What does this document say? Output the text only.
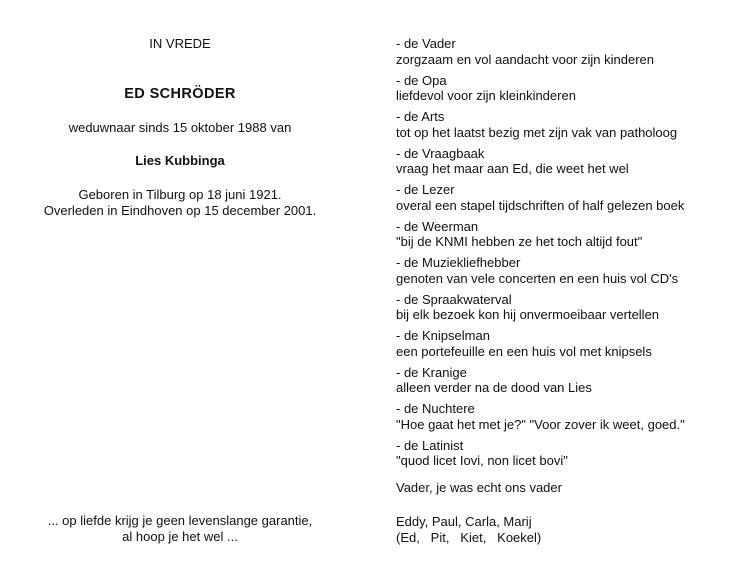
IN VREDE
ED SCHRÖDER
weduwnaar sinds 15 oktober 1988 van
Lies Kubbinga
Geboren in Tilburg op 18 juni 1921.
Overleden in Eindhoven op 15 december 2001.
... op liefde krijg je geen levenslange garantie,
al hoop je het wel ...
- de Vader
zorgzaam en vol aandacht voor zijn kinderen
- de Opa
liefdevol voor zijn kleinkinderen
- de Arts
tot op het laatst bezig met zijn vak van patholoog
- de Vraagbaak
vraag het maar aan Ed, die weet het wel
- de Lezer
overal een stapel tijdschriften of half gelezen boek
- de Weerman
"bij de KNMI hebben ze het toch altijd fout"
- de Muziekliefhebber
genoten van vele concerten en een huis vol CD's
- de Spraakwaterval
bij elk bezoek kon hij onvermoeibaar vertellen
- de Knipselman
een portefeuille en een huis vol met knipsels
- de Kranige
alleen verder na de dood van Lies
- de Nuchtere
"Hoe gaat het met je?" "Voor zover ik weet, goed."
- de Latinist
"quod licet Iovi, non licet bovi"
Vader, je was echt ons vader
Eddy, Paul, Carla, Marij
(Ed,   Pit,   Kiet,   Koekel)
